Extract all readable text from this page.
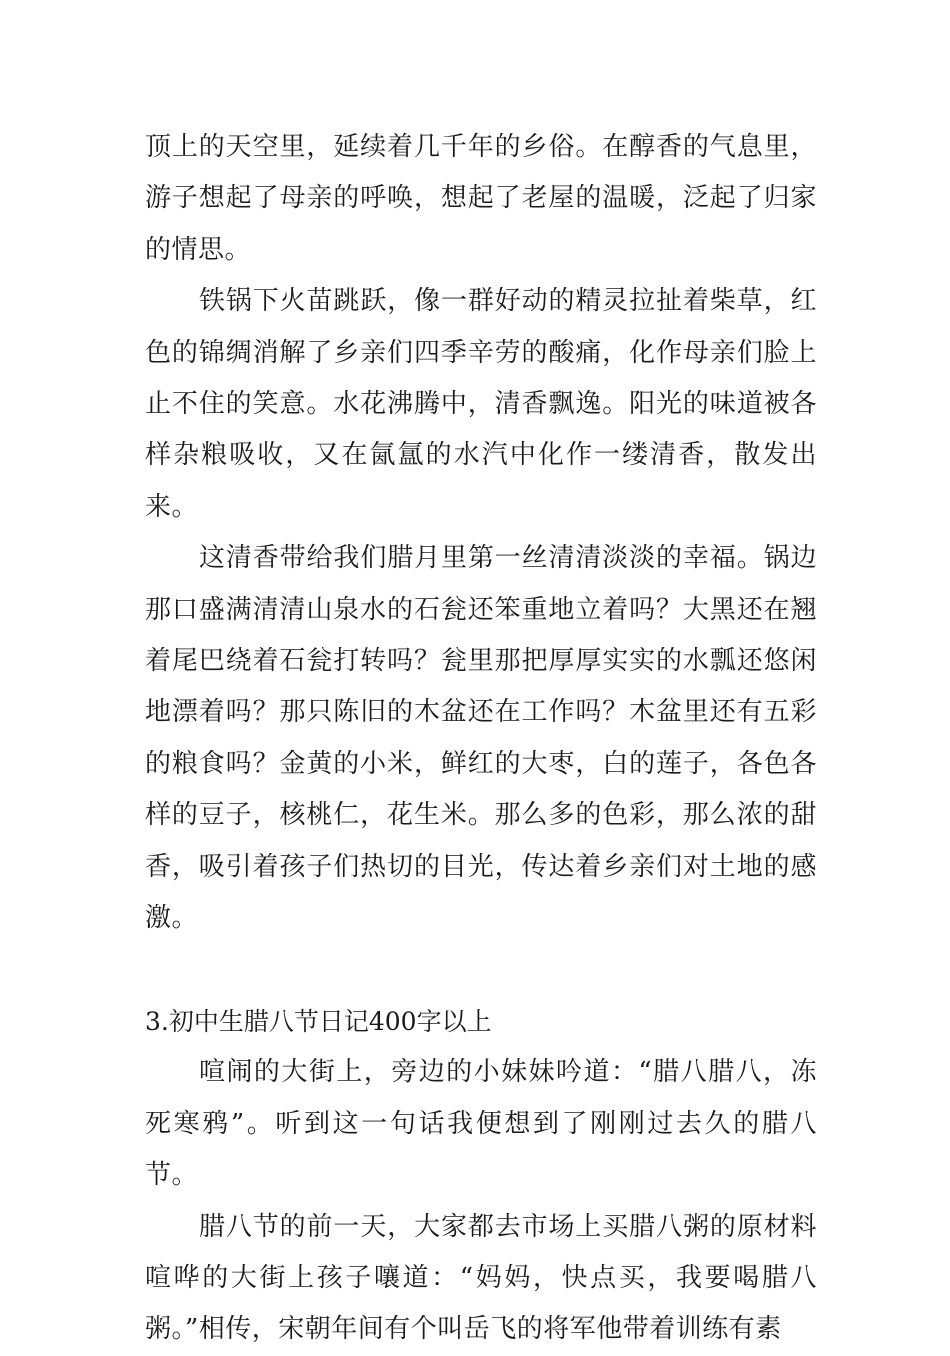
顶上的天空里，延续着几千年的乡俗。在醇香的气息里，游子想起了母亲的呼唤，想起了老屋的温暖，泛起了归家的情思。

铁锅下火苗跳跃，像一群好动的精灵拉扯着柴草，红色的锦绸消解了乡亲们四季辛劳的酸痛，化作母亲们脸上止不住的笑意。水花沸腾中，清香飘逸。阳光的味道被各样杂粮吸收，又在氤氲的水汽中化作一缕清香，散发出来。

这清香带给我们腊月里第一丝清清淡淡的幸福。锅边那口盛满清清山泉水的石瓮还笨重地立着吗？大黑还在翘着尾巴绕着石瓮打转吗？瓮里那把厚厚实实的水瓢还悠闲地漂着吗？那只陈旧的木盆还在工作吗？木盆里还有五彩的粮食吗？金黄的小米，鲜红的大枣，白的莲子，各色各样的豆子，核桃仁，花生米。那么多的色彩，那么浓的甜香，吸引着孩子们热切的目光，传达着乡亲们对土地的感激。

3.初中生腊八节日记400字以上

喧闹的大街上，旁边的小妹妹吟道：“腊八腊八，冻死寒鸦”。听到这一句话我便想到了刚刚过去久的腊八节。

腊八节的前一天，大家都去市场上买腊八粥的原材料喧哗的大街上孩子嚷道：“妈妈，快点买，我要喝腊八粥。”相传，宋朝年间有个叫岳飞的将军他带着训练有素
